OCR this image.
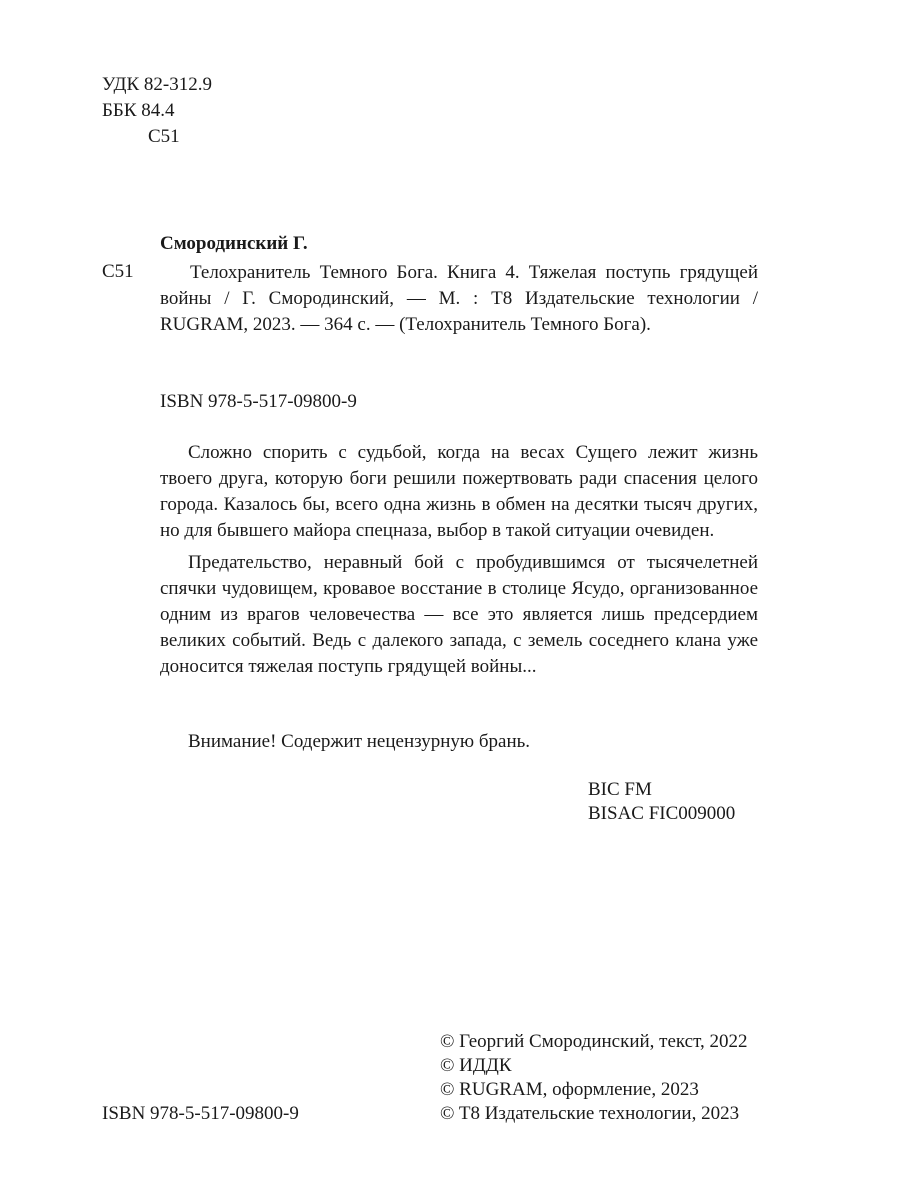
УДК 82-312.9
ББК 84.4
С51
Смородинский Г.
С51	Телохранитель Темного Бога. Книга 4. Тяжелая поступь грядущей войны / Г. Смородинский, — М. : T8 Издательские технологии / RUGRAM, 2023. — 364 с. — (Телохранитель Темного Бога).

ISBN 978-5-517-09800-9

Сложно спорить с судьбой, когда на весах Сущего лежит жизнь твоего друга, которую боги решили пожертвовать ради спасения целого города. Казалось бы, всего одна жизнь в обмен на десятки тысяч других, но для бывшего майора спецназа, выбор в такой ситуации очевиден.

Предательство, неравный бой с пробудившимся от тысячелетней спячки чудовищем, кровавое восстание в столице Ясудо, организованное одним из врагов человечества — все это является лишь предсердием великих событий. Ведь с далекого запада, с земель соседнего клана уже доносится тяжелая поступь грядущей войны...

Внимание! Содержит нецензурную брань.
BIC FM
BISAC FIC009000
© Георгий Смородинский, текст, 2022
© ИДДК
© RUGRAM, оформление, 2023
© T8 Издательские технологии, 2023
ISBN 978-5-517-09800-9
